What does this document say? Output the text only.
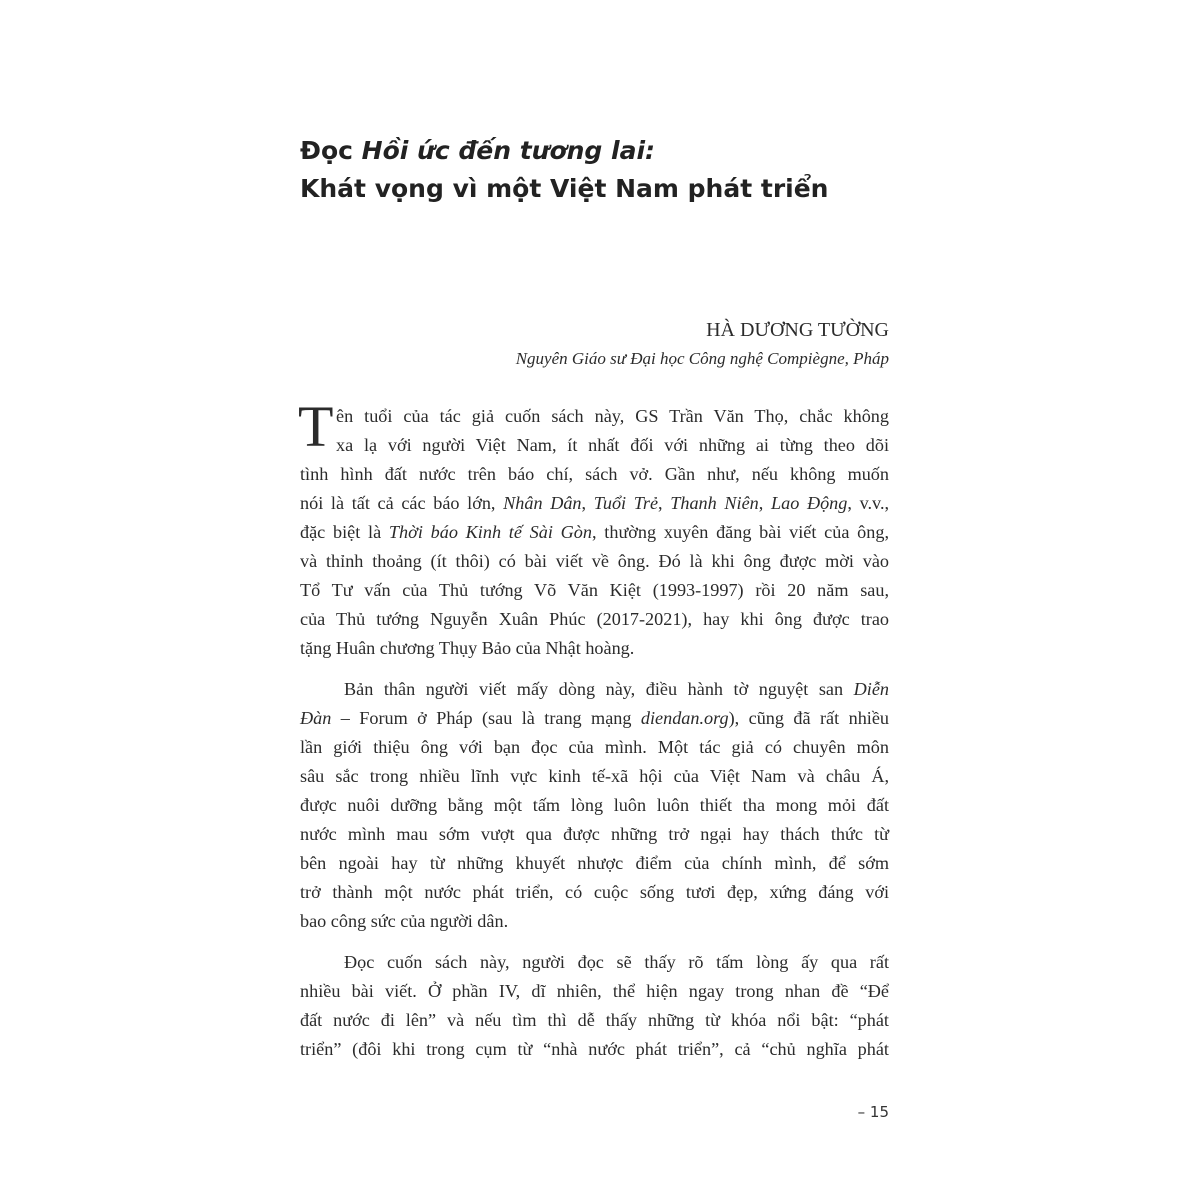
Đọc Hồi ức đến tương lai:
Khát vọng vì một Việt Nam phát triển
HÀ DƯƠNG TƯỜNG
Nguyên Giáo sư Đại học Công nghệ Compiègne, Pháp
T ên tuổi của tác giả cuốn sách này, GS Trần Văn Thọ, chắc không
xa lạ với người Việt Nam, ít nhất đối với những ai từng theo dõi
tình hình đất nước trên báo chí, sách vở. Gần như, nếu không muốn
nói là tất cả các báo lớn, Nhân Dân, Tuổi Trẻ, Thanh Niên, Lao Động, v.v.,
đặc biệt là Thời báo Kinh tế Sài Gòn, thường xuyên đăng bài viết của ông,
và thỉnh thoảng (ít thôi) có bài viết về ông. Đó là khi ông được mời vào
Tổ Tư vấn của Thủ tướng Võ Văn Kiệt (1993-1997) rồi 20 năm sau,
của Thủ tướng Nguyễn Xuân Phúc (2017-2021), hay khi ông được trao
tặng Huân chương Thụy Bảo của Nhật hoàng.
Bản thân người viết mấy dòng này, điều hành tờ nguyệt san Diễn
Đàn – Forum ở Pháp (sau là trang mạng diendan.org), cũng đã rất nhiều
lần giới thiệu ông với bạn đọc của mình. Một tác giả có chuyên môn
sâu sắc trong nhiều lĩnh vực kinh tế-xã hội của Việt Nam và châu Á,
được nuôi dưỡng bằng một tấm lòng luôn luôn thiết tha mong mỏi đất
nước mình mau sớm vượt qua được những trở ngại hay thách thức từ
bên ngoài hay từ những khuyết nhược điểm của chính mình, để sớm
trở thành một nước phát triển, có cuộc sống tươi đẹp, xứng đáng với
bao công sức của người dân.
Đọc cuốn sách này, người đọc sẽ thấy rõ tấm lòng ấy qua rất
nhiều bài viết. Ở phần IV, dĩ nhiên, thể hiện ngay trong nhan đề “Để
đất nước đi lên” và nếu tìm thì dễ thấy những từ khóa nổi bật: “phát
triển” (đôi khi trong cụm từ “nhà nước phát triển”, cả “chủ nghĩa phát
– 15
